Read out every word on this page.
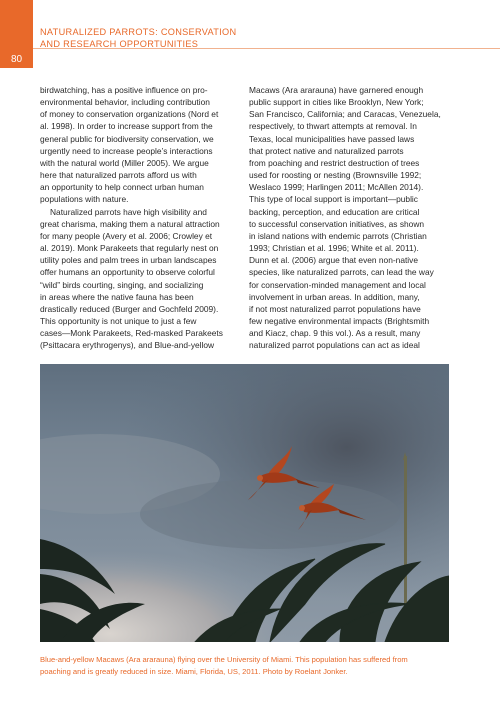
80
NATURALIZED PARROTS: CONSERVATION
AND RESEARCH OPPORTUNITIES

birdwatching, has a positive influence on pro-
environmental behavior, including contribution
of money to conservation organizations (Nord et
al. 1998). In order to increase support from the
general public for biodiversity conservation, we
urgently need to increase people’s interactions
with the natural world (Miller 2005). We argue
here that naturalized parrots afford us with
an opportunity to help connect urban human
populations with nature.

Naturalized parrots have high visibility and
great charisma, making them a natural attraction
for many people (Avery et al. 2006; Crowley et
al. 2019). Monk Parakeets that regularly nest on
utility poles and palm trees in urban landscapes
offer humans an opportunity to observe colorful
“wild” birds courting, singing, and socializing
in areas where the native fauna has been
drastically reduced (Burger and Gochfeld 2009).
This opportunity is not unique to just a few
cases—Monk Parakeets, Red-masked Parakeets
(Psittacara erythrogenys), and Blue-and-yellow

Macaws (Ara ararauna) have garnered enough
public support in cities like Brooklyn, New York;
San Francisco, California; and Caracas, Venezuela,
respectively, to thwart attempts at removal. In
Texas, local municipalities have passed laws
that protect native and naturalized parrots
from poaching and restrict destruction of trees
used for roosting or nesting (Brownsville 1992;
Weslaco 1999; Harlingen 2011; McAllen 2014).
This type of local support is important—public
backing, perception, and education are critical
to successful conservation initiatives, as shown
in island nations with endemic parrots (Christian
1993; Christian et al. 1996; White et al. 2011).
Dunn et al. (2006) argue that even non-native
species, like naturalized parrots, can lead the way
for conservation-minded management and local
involvement in urban areas. In addition, many,
if not most naturalized parrot populations have
few negative environmental impacts (Brightsmith
and Kiacz, chap. 9 this vol.). As a result, many
naturalized parrot populations can act as ideal

Blue-and-yellow Macaws (Ara ararauna) flying over the University of Miami. This population has suffered from
poaching and is greatly reduced in size. Miami, Florida, US, 2011. Photo by Roelant Jonker.
